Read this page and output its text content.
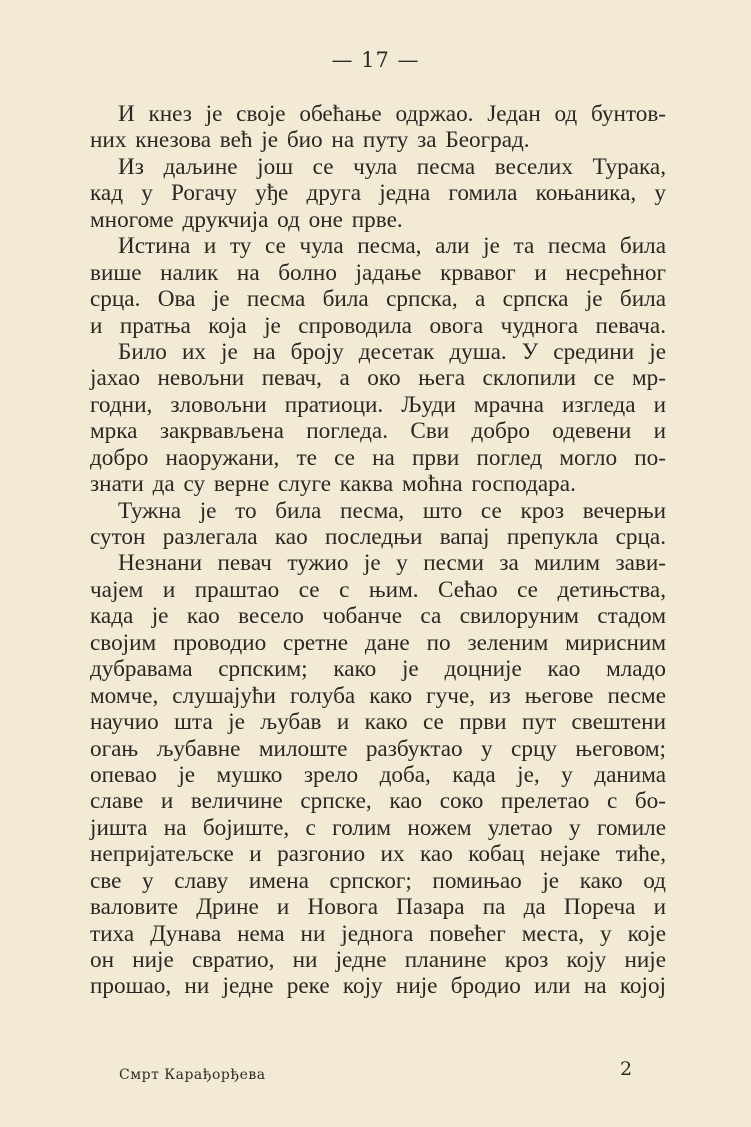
— 17 —
И кнез је своје обећање одржао. Један од бунтов-
них кнезова већ је био на путу за Београд.
Из даљине још се чула песма веселих Турака,
кад у Рогачу уђе друга једна гомила коњаника, у
многоме друкчија од оне прве.
Истина и ту се чула песма, али је та песма била
више налик на болно јадање крвавог и несрећног
срца. Ова је песма била српска, а српска је била
и пратња која је спроводила овога чуднога певача.
Било их је на броју десетак душа. У средини је
јахао невољни певач, а око њега склопили се мр-
годни, зловољни пратиоци. Људи мрачна изгледа и
мрка закрвављена погледа. Сви добро одевени и
добро наоружани, те се на први поглед могло по-
знати да су верне слуге каква моћна господара.
Тужна је то била песма, што се кроз вечерњи
сутон разлегала као последњи вапај препукла срца.
Незнани певач тужио је у песми за милим зави-
чајем и праштао се с њим. Сећао се детињства,
када је као весело чобанче са свилоруним стадом
својим проводио сретне дане по зеленим мирисним
дубравама српским; како је доцније као младо
момче, слушајући голуба како гуче, из његове песме
научио шта је љубав и како се први пут свештени
огањ љубавне милоште разбуктао у срцу његовом;
опевао је мушко зрело доба, када је, у данима
славе и величине српске, као соко прелетао с бо-
јишта на бојиште, с голим ножем улетао у гомиле
непријатељске и разгонио их као кобац нејаке тиће,
све у славу имена српског; помињао је како од
валовите Дрине и Новога Пазара па да Пореча и
тиха Дунава нема ни једнога повећег места, у које
он није свратио, ни једне планине кроз коју није
прошао, ни једне реке коју није бродио или на којој
Смрт Карађорђева	2
